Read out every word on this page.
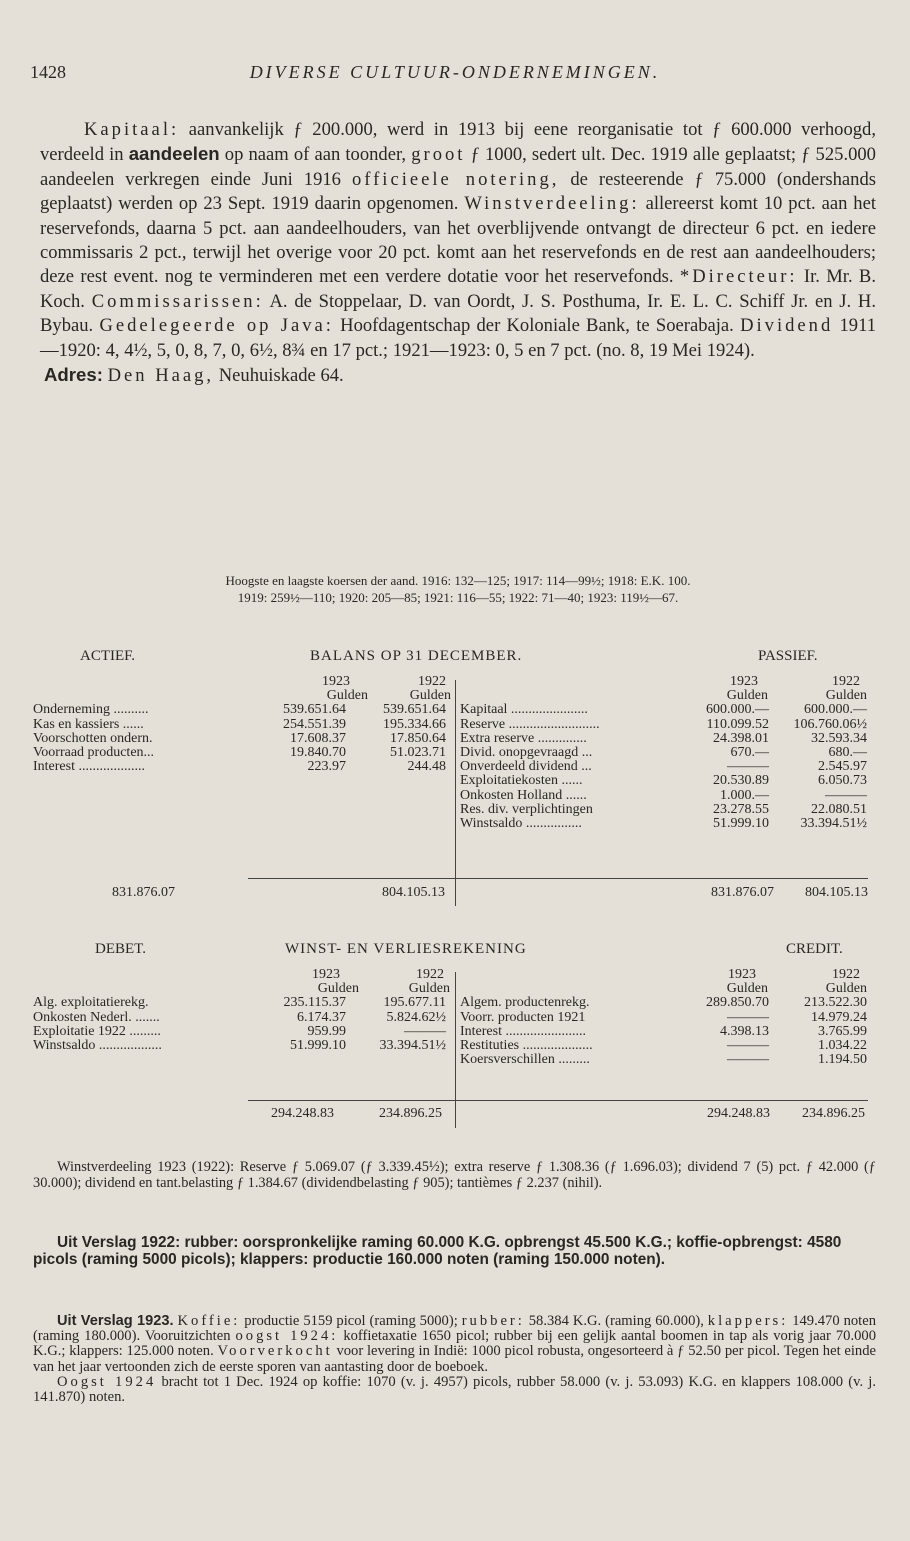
1428	DIVERSE CULTUUR-ONDERNEMINGEN.

Kapitaal: aanvankelijk ƒ 200.000, werd in 1913 bij eene reorganisatie tot ƒ 600.000 verhoogd, verdeeld in aandeelen op naam of aan toonder, groot ƒ 1000, sedert ult. Dec. 1919 alle geplaatst; ƒ 525.000 aandeelen verkregen einde Juni 1916 officieele notering, de resteerende ƒ 75.000 (ondershands geplaatst) werden op 23 Sept. 1919 daarin opgenomen. Winstverdeeling: allereerst komt 10 pct. aan het reservefonds, daarna 5 pct. aan aandeelhouders, van het overblijvende ontvangt de directeur 6 pct. en iedere commissaris 2 pct., terwijl het overige voor 20 pct. komt aan het reservefonds en de rest aan aandeelhouders; deze rest event. nog te verminderen met een verdere dotatie voor het reservefonds. *Directeur: Ir. Mr. B. Koch. Commissarissen: A. de Stoppelaar, D. van Oordt, J. S. Posthuma, Ir. E. L. C. Schiff Jr. en J. H. Bybau. Gedelegeerde op Java: Hoofdagentschap der Koloniale Bank, te Soerabaja. Dividend 1911—1920: 4, 4½, 5, 0, 8, 7, 0, 6½, 8¾ en 17 pct.; 1921—1923: 0, 5 en 7 pct. (no. 8, 19 Mei 1924).
Adres: Den Haag, Neuhuiskade 64.

Hoogste en laagste koersen der aand. 1916: 132—125; 1917: 114—99½; 1918: E.K. 100.
1919: 259½—110; 1920: 205—85; 1921: 116—55; 1922: 71—40; 1923: 119½—67.

ACTIEF.	BALANS OP 31 DECEMBER.	PASSIEF.
1923	1922
Gulden	Gulden
Onderneming ..........	539.651.64	539.651.64
Kas en kassiers ......	254.551.39	195.334.66
Voorschotten ondern.	17.608.37	17.850.64
Voorraad producten...	19.840.70	51.023.71
Interest ...................	223.97	244.48
1923	1922
Gulden	Gulden
Kapitaal ......................	600.000.—	600.000.—
Reserve ..........................	110.099.52 106.760.06½
Extra reserve ..............	24.398.01	32.593.34
Divid. onopgevraagd ...	670.—	680.—
Onverdeeld dividend ...	———	2.545.97
Exploitatiekosten ......	20.530.89	6.050.73
Onkosten Holland ......	1.000.—	———
Res. div. verplichtingen	23.278.55	22.080.51
Winstsaldo ................	51.999.10 33.394.51½
831.876.07	804.105.13	831.876.07 804.105.13
DEBET.	WINST- EN VERLIESREKENING	CREDIT.
1923	1922
Gulden	Gulden
Alg. exploitatierekg.	235.115.37	195.677.11
Onkosten Nederl. .......	6.174.37	5.824.62½
Exploitatie 1922 .........	959.99	———
Winstsaldo ..................	51.999.10 33.394.51½
1923	1922
Gulden	Gulden
Algem. productenrekg.	289.850.70	213.522.30
Voorr. producten 1921	———	14.979.24
Interest .......................	4.398.13	3.765.99
Restituties ....................	———	1.034.22
Koersverschillen .........	———	1.194.50
294.248.83	234.896.25	294.248.83 234.896.25

Winstverdeeling 1923 (1922): Reserve ƒ 5.069.07 (ƒ 3.339.45½); extra reserve ƒ 1.308.36 (ƒ 1.696.03); dividend 7 (5) pct. ƒ 42.000 (ƒ 30.000); dividend en tant.belasting ƒ 1.384.67 (dividendbelasting ƒ 905); tantièmes ƒ 2.237 (nihil).

Uit Verslag 1922: rubber: oorspronkelijke raming 60.000 K.G. opbrengst 45.500 K.G.; koffie-opbrengst: 4580 picols (raming 5000 picols); klappers: productie 160.000 noten (raming 150.000 noten).

Uit Verslag 1923. Koffie: productie 5159 picol (raming 5000); rubber: 58.384 K.G. (raming 60.000), klappers: 149.470 noten (raming 180.000). Vooruitzichten oogst 1924: koffietaxatie 1650 picol; rubber bij een gelijk aantal boomen in tap als vorig jaar 70.000 K.G.; klappers: 125.000 noten. Voorverkocht voor levering in Indië: 1000 picol robusta, ongesorteerd à ƒ 52.50 per picol. Tegen het einde van het jaar vertoonden zich de eerste sporen van aantasting door de boeboek.
Oogst 1924 bracht tot 1 Dec. 1924 op koffie: 1070 (v. j. 4957) picols, rubber 58.000 (v. j. 53.093) K.G. en klappers 108.000 (v. j. 141.870) noten.
